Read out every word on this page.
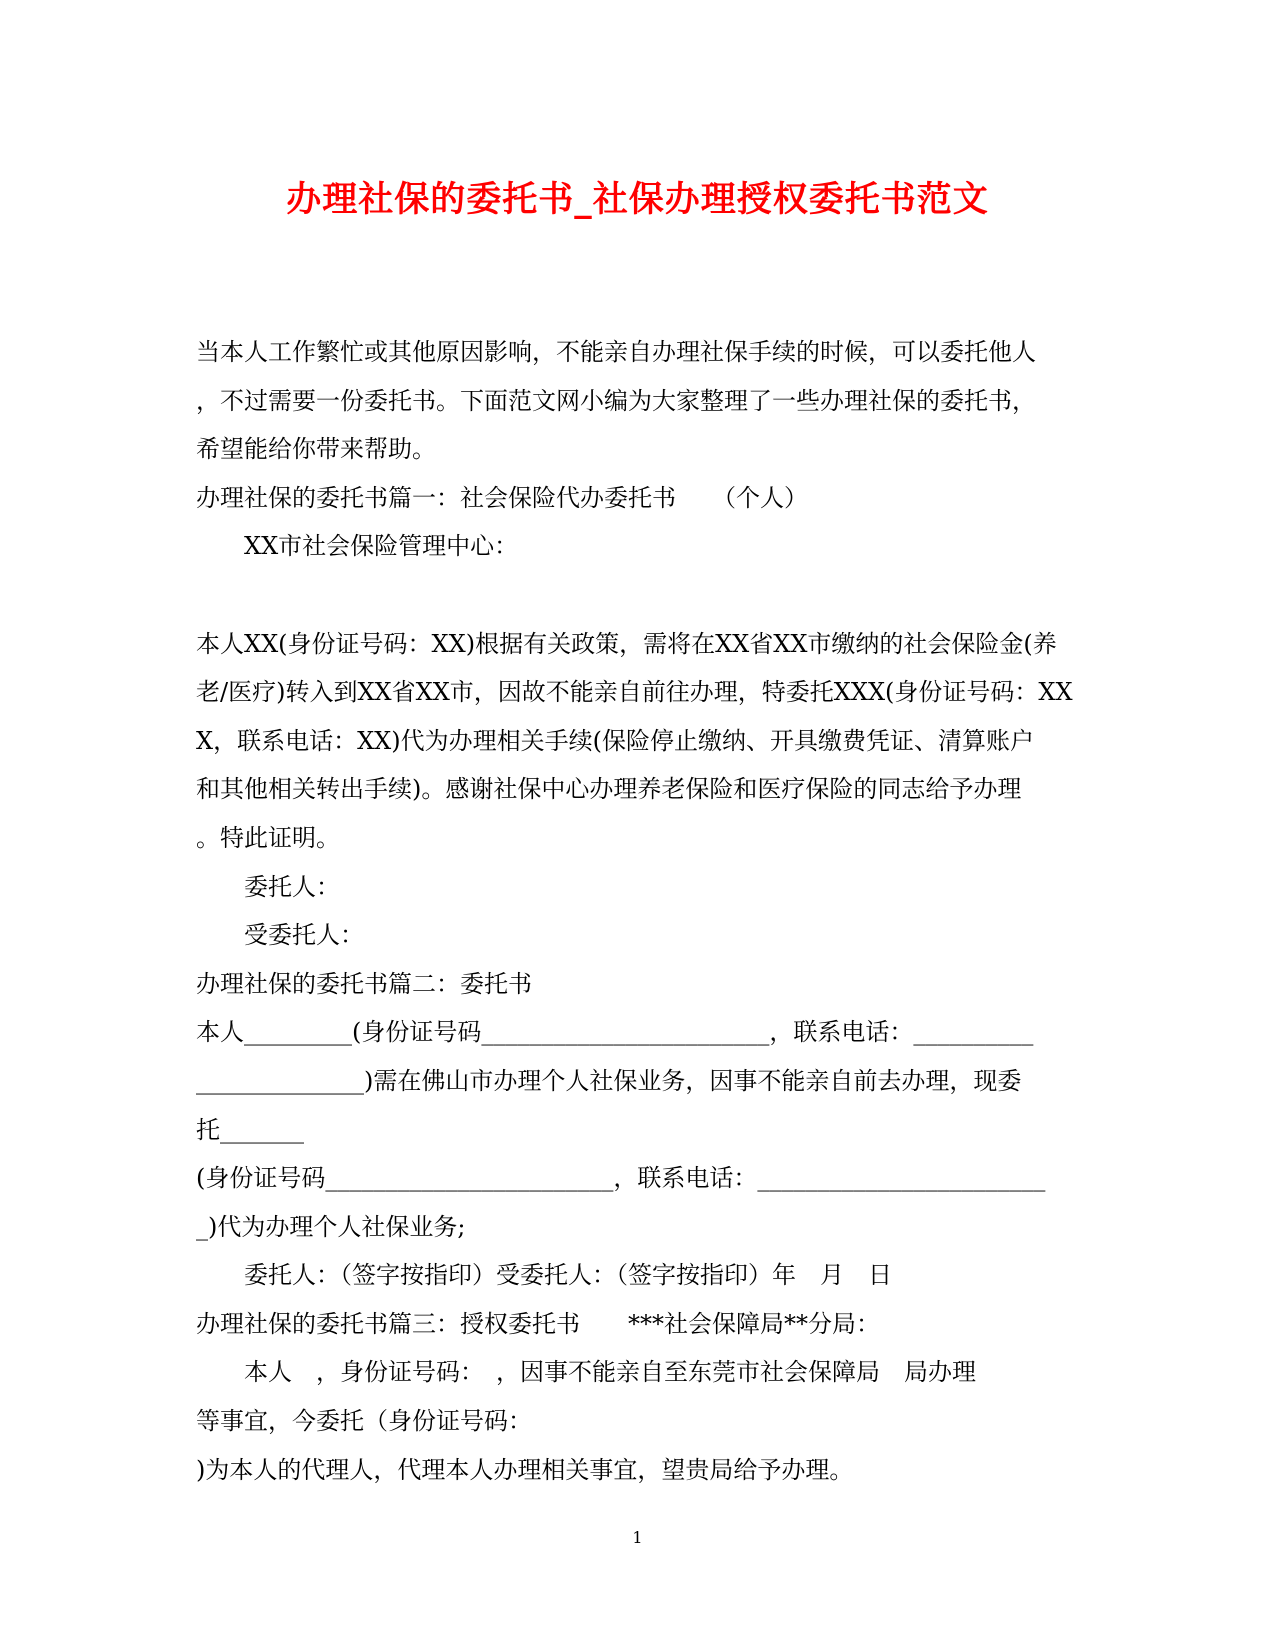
办理社保的委托书_社保办理授权委托书范文
当本人工作繁忙或其他原因影响，不能亲自办理社保手续的时候，可以委托他人
，不过需要一份委托书。下面范文网小编为大家整理了一些办理社保的委托书，
希望能给你带来帮助。
办理社保的委托书篇一：社会保险代办委托书　　（个人）
XX市社会保险管理中心：
本人XX(身份证号码：XX)根据有关政策，需将在XX省XX市缴纳的社会保险金(养
老/医疗)转入到XX省XX市，因故不能亲自前往办理，特委托XXX(身份证号码：XX
X，联系电话：XX)代为办理相关手续(保险停止缴纳、开具缴费凭证、清算账户
和其他相关转出手续)。感谢社保中心办理养老保险和医疗保险的同志给予办理
。特此证明。
委托人：
受委托人：
办理社保的委托书篇二：委托书
本人_________(身份证号码________________________，联系电话：__________
______________)需在佛山市办理个人社保业务，因事不能亲自前去办理，现委
托_______
(身份证号码________________________，联系电话：________________________
_)代为办理个人社保业务;
委托人：（签字按指印）受委托人：（签字按指印）年　月　日
办理社保的委托书篇三：授权委托书　　***社会保障局**分局：
本人　，身份证号码：　，因事不能亲自至东莞市社会保障局　局办理
等事宜，今委托（身份证号码：
)为本人的代理人，代理本人办理相关事宜，望贵局给予办理。
1
